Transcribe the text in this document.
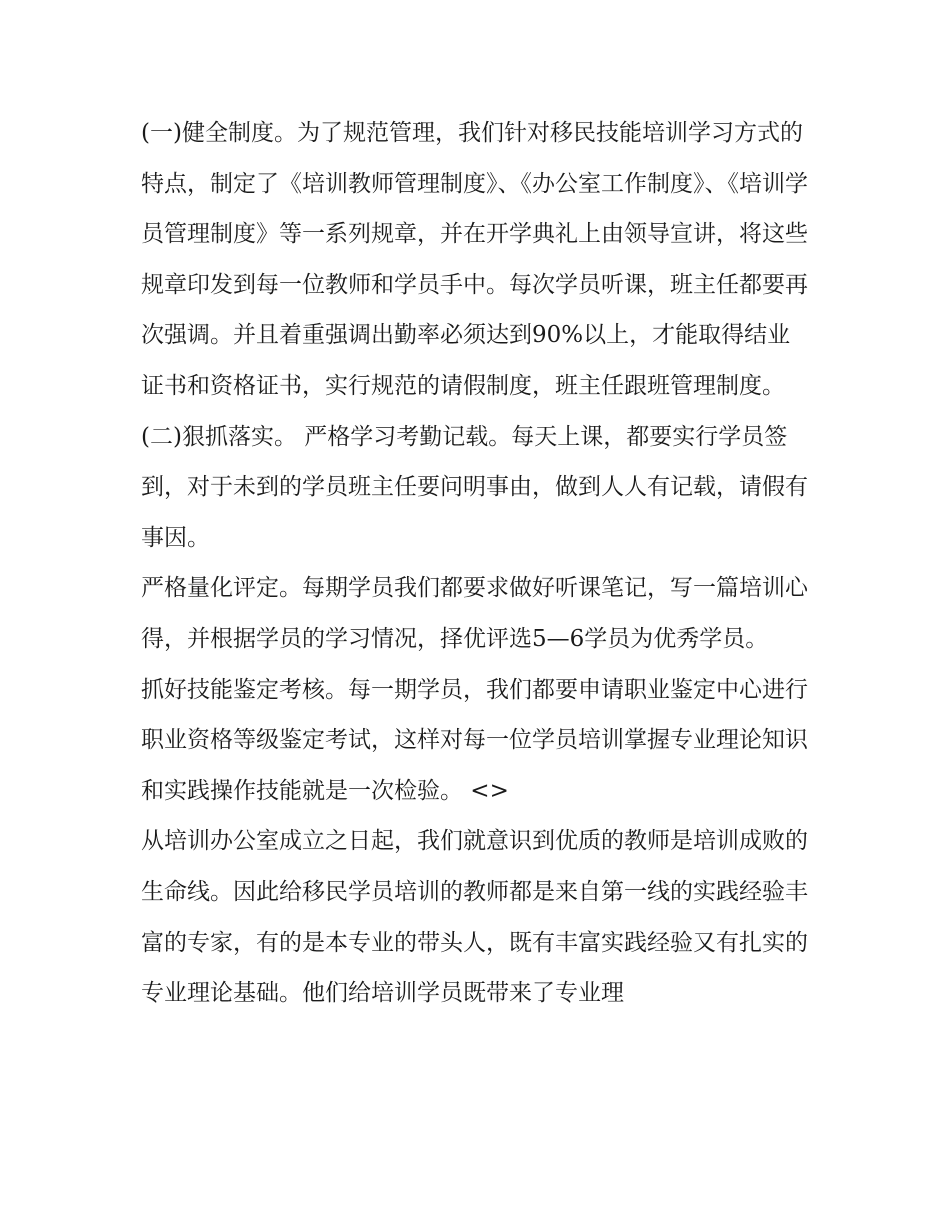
(一)健全制度。为了规范管理，我们针对移民技能培训学习方式的特点，制定了《培训教师管理制度》、《办公室工作制度》、《培训学员管理制度》等一系列规章，并在开学典礼上由领导宣讲，将这些规章印发到每一位教师和学员手中。每次学员听课，班主任都要再次强调。并且着重强调出勤率必须达到90%以上，才能取得结业证书和资格证书，实行规范的请假制度，班主任跟班管理制度。

(二)狠抓落实。 严格学习考勤记载。每天上课，都要实行学员签到，对于未到的学员班主任要问明事由，做到人人有记载，请假有事因。

严格量化评定。每期学员我们都要求做好听课笔记，写一篇培训心得，并根据学员的学习情况，择优评选5—6学员为优秀学员。

抓好技能鉴定考核。每一期学员，我们都要申请职业鉴定中心进行职业资格等级鉴定考试，这样对每一位学员培训掌握专业理论知识和实践操作技能就是一次检验。 <>

从培训办公室成立之日起，我们就意识到优质的教师是培训成败的生命线。因此给移民学员培训的教师都是来自第一线的实践经验丰富的专家，有的是本专业的带头人，既有丰富实践经验又有扎实的专业理论基础。他们给培训学员既带来了专业理
